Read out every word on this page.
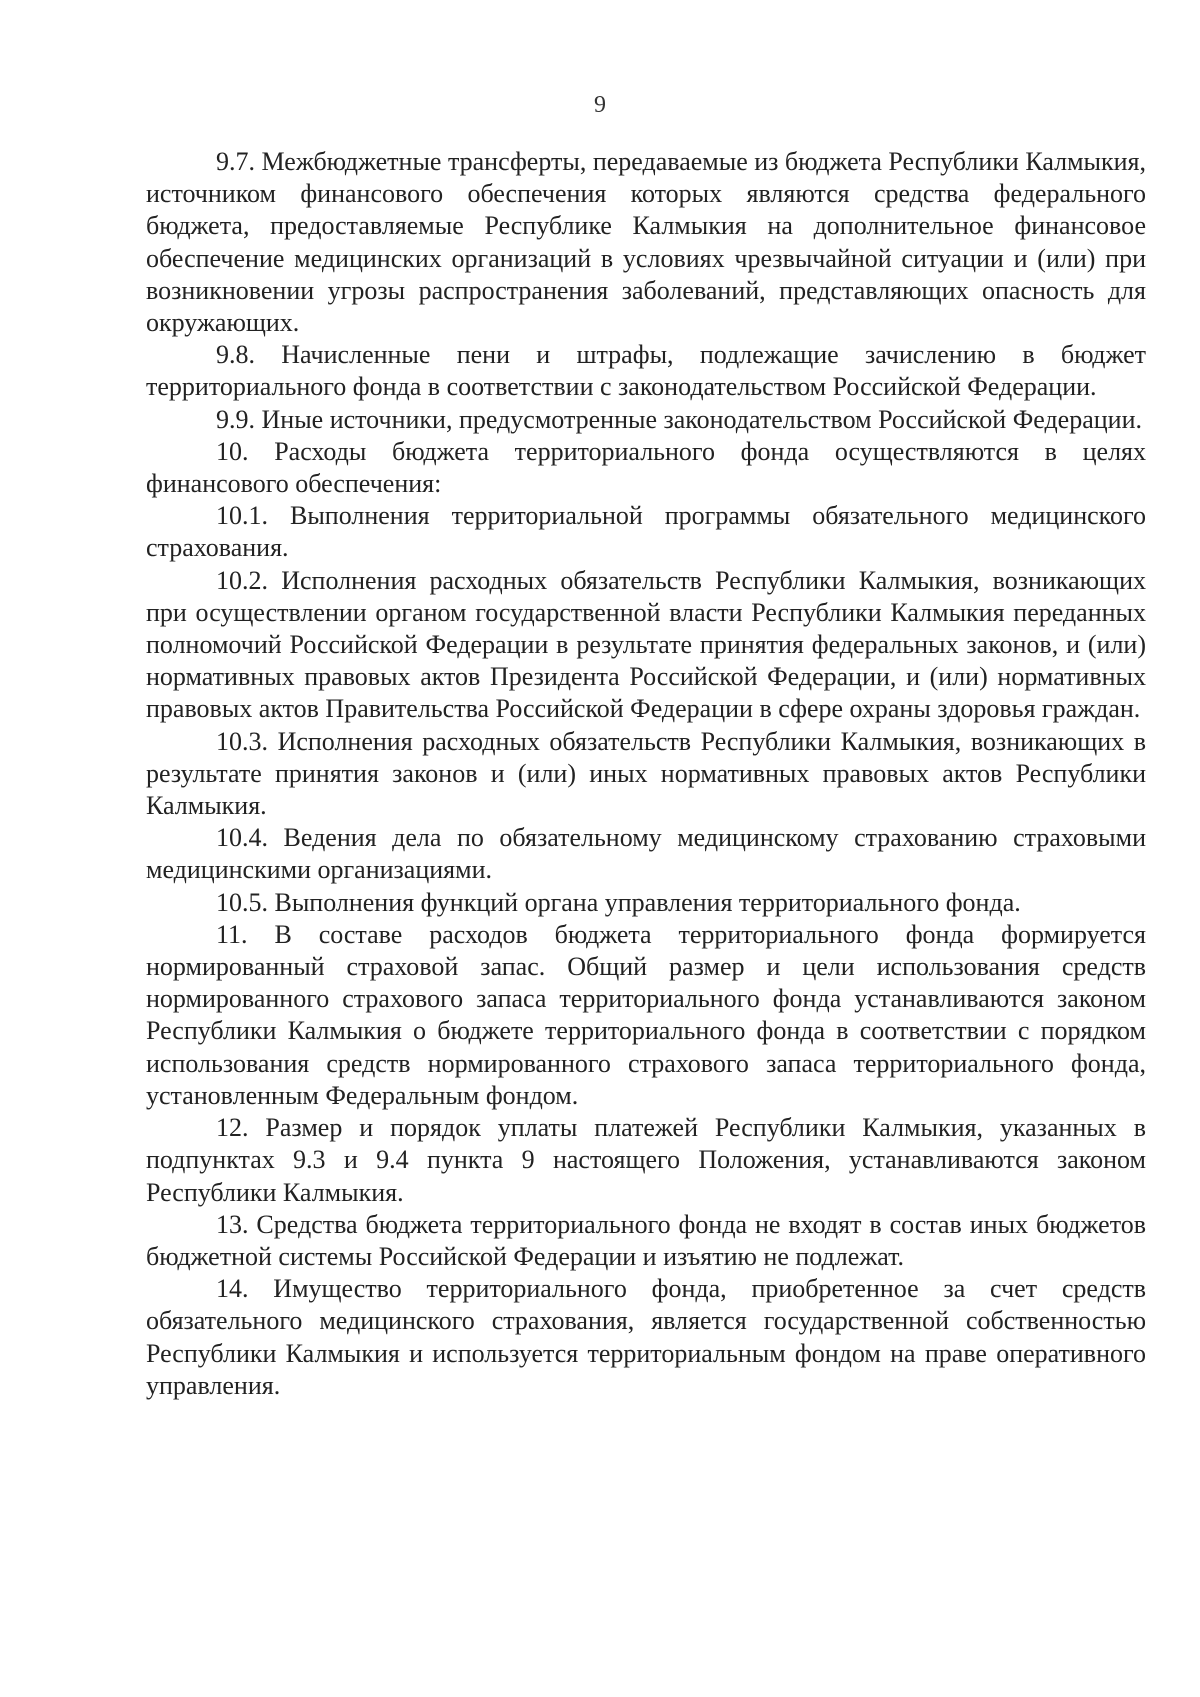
9

9.7. Межбюджетные трансферты, передаваемые из бюджета Республики Калмыкия, источником финансового обеспечения которых являются средства федерального бюджета, предоставляемые Республике Калмыкия на дополнительное финансовое обеспечение медицинских организаций в условиях чрезвычайной ситуации и (или) при возникновении угрозы распространения заболеваний, представляющих опасность для окружающих.

9.8. Начисленные пени и штрафы, подлежащие зачислению в бюджет территориального фонда в соответствии с законодательством Российской Федерации.

9.9. Иные источники, предусмотренные законодательством Российской Федерации.

10. Расходы бюджета территориального фонда осуществляются в целях финансового обеспечения:

10.1. Выполнения территориальной программы обязательного медицинского страхования.

10.2. Исполнения расходных обязательств Республики Калмыкия, возникающих при осуществлении органом государственной власти Республики Калмыкия переданных полномочий Российской Федерации в результате принятия федеральных законов, и (или) нормативных правовых актов Президента Российской Федерации, и (или) нормативных правовых актов Правительства Российской Федерации в сфере охраны здоровья граждан.

10.3. Исполнения расходных обязательств Республики Калмыкия, возникающих в результате принятия законов и (или) иных нормативных правовых актов Республики Калмыкия.

10.4. Ведения дела по обязательному медицинскому страхованию страховыми медицинскими организациями.

10.5. Выполнения функций органа управления территориального фонда.

11. В составе расходов бюджета территориального фонда формируется нормированный страховой запас. Общий размер и цели использования средств нормированного страхового запаса территориального фонда устанавливаются законом Республики Калмыкия о бюджете территориального фонда в соответствии с порядком использования средств нормированного страхового запаса территориального фонда, установленным Федеральным фондом.

12. Размер и порядок уплаты платежей Республики Калмыкия, указанных в подпунктах 9.3 и 9.4 пункта 9 настоящего Положения, устанавливаются законом Республики Калмыкия.

13. Средства бюджета территориального фонда не входят в состав иных бюджетов бюджетной системы Российской Федерации и изъятию не подлежат.

14. Имущество территориального фонда, приобретенное за счет средств обязательного медицинского страхования, является государственной собственностью Республики Калмыкия и используется территориальным фондом на праве оперативного управления.
